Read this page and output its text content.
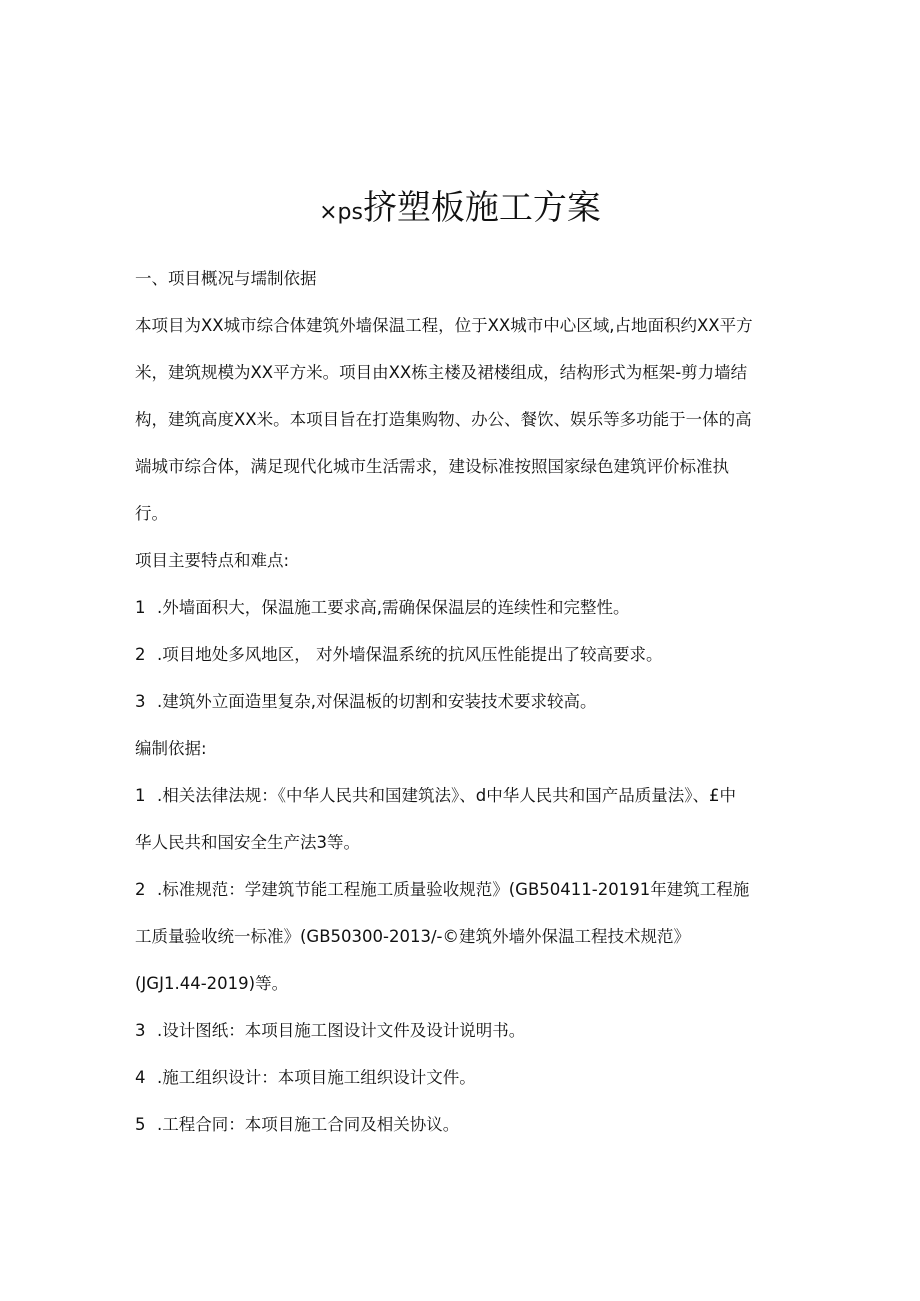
×ps挤塑板施工方案
一、项目概况与壖制依据
本项目为XX城市综合体建筑外墙保温工程，位于XX城市中心区域,占地面积约XX平方
米，建筑规模为XX平方米。项目由XX栋主楼及裙楼组成，结构形式为框架-剪力墙结
构，建筑高度XX米。本项目旨在打造集购物、办公、餐饮、娱乐等多功能于一体的高
端城市综合体，满足现代化城市生活需求，建设标准按照国家绿色建筑评价标准执
行。
项目主要特点和难点:
1 .外墙面积大，保温施工要求高,需确保保温层的连续性和完整性。
2 .项目地处多风地区， 对外墙保温系统的抗风压性能提出了较高要求。
3 .建筑外立面造里复杂,对保温板的切割和安装技术要求较高。
编制依据:
1 .相关法律法规：《中华人民共和国建筑法》、d中华人民共和国产品质量法》、£中
华人民共和国安全生产法3等。
2 .标准规范：学建筑节能工程施工质量验收规范》(GB50411-20191年建筑工程施
工质量验收统一标准》(GB50300-2013∕-©建筑外墙外保温工程技术规范》
(JGJ1.44-2019)等。
3 .设计图纸：本项目施工图设计文件及设计说明书。
4 .施工组织设计：本项目施工组织设计文件。
5 .工程合同：本项目施工合同及相关协议。
